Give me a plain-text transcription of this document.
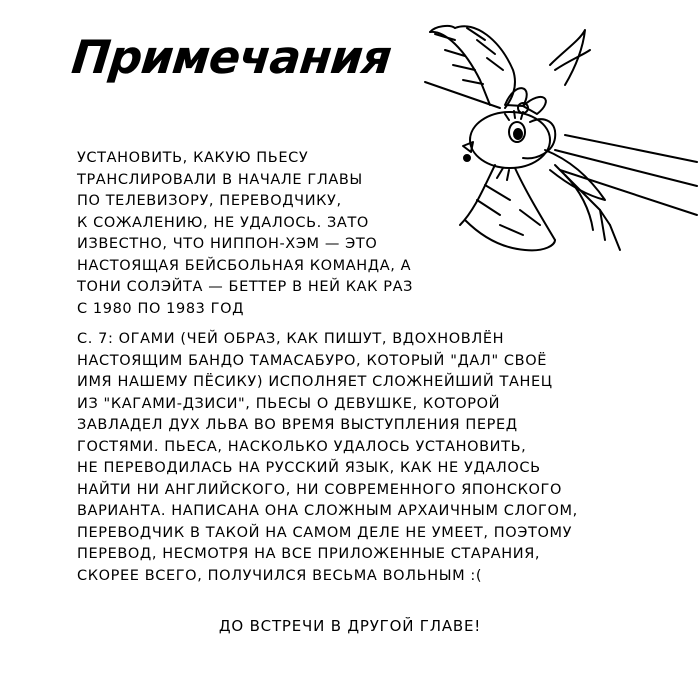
Примечания

УСТАНОВИТЬ, КАКУЮ ПЬЕСУ
ТРАНСЛИРОВАЛИ В НАЧАЛЕ ГЛАВЫ
ПО ТЕЛЕВИЗОРУ, ПЕРЕВОДЧИКУ,
К СОЖАЛЕНИЮ, НЕ УДАЛОСЬ. ЗАТО
ИЗВЕСТНО, ЧТО НИППОН-ХЭМ — ЭТО
НАСТОЯЩАЯ БЕЙСБОЛЬНАЯ КОМАНДА, А
ТОНИ СОЛЭЙТА — БЕТТЕР В НЕЙ КАК РАЗ
С 1980 ПО 1983 ГОД

С. 7: ОГАМИ (ЧЕЙ ОБРАЗ, КАК ПИШУТ, ВДОХНОВЛЁН
НАСТОЯЩИМ БАНДО ТАМАСАБУРО, КОТОРЫЙ "ДАЛ" СВОЁ
ИМЯ НАШЕМУ ПЁСИКУ) ИСПОЛНЯЕТ СЛОЖНЕЙШИЙ ТАНЕЦ
ИЗ "КАГАМИ-ДЗИСИ", ПЬЕСЫ О ДЕВУШКЕ, КОТОРОЙ
ЗАВЛАДЕЛ ДУХ ЛЬВА ВО ВРЕМЯ ВЫСТУПЛЕНИЯ ПЕРЕД
ГОСТЯМИ. ПЬЕСА, НАСКОЛЬКО УДАЛОСЬ УСТАНОВИТЬ,
НЕ ПЕРЕВОДИЛАСЬ НА РУССКИЙ ЯЗЫК, КАК НЕ УДАЛОСЬ
НАЙТИ НИ АНГЛИЙСКОГО, НИ СОВРЕМЕННОГО ЯПОНСКОГО
ВАРИАНТА. НАПИСАНА ОНА СЛОЖНЫМ АРХАИЧНЫМ СЛОГОМ,
ПЕРЕВОДЧИК В ТАКОЙ НА САМОМ ДЕЛЕ НЕ УМЕЕТ, ПОЭТОМУ
ПЕРЕВОД, НЕСМОТРЯ НА ВСЕ ПРИЛОЖЕННЫЕ СТАРАНИЯ,
СКОРЕЕ ВСЕГО, ПОЛУЧИЛСЯ ВЕСЬМА ВОЛЬНЫМ :(

ДО ВСТРЕЧИ В ДРУГОЙ ГЛАВЕ!
